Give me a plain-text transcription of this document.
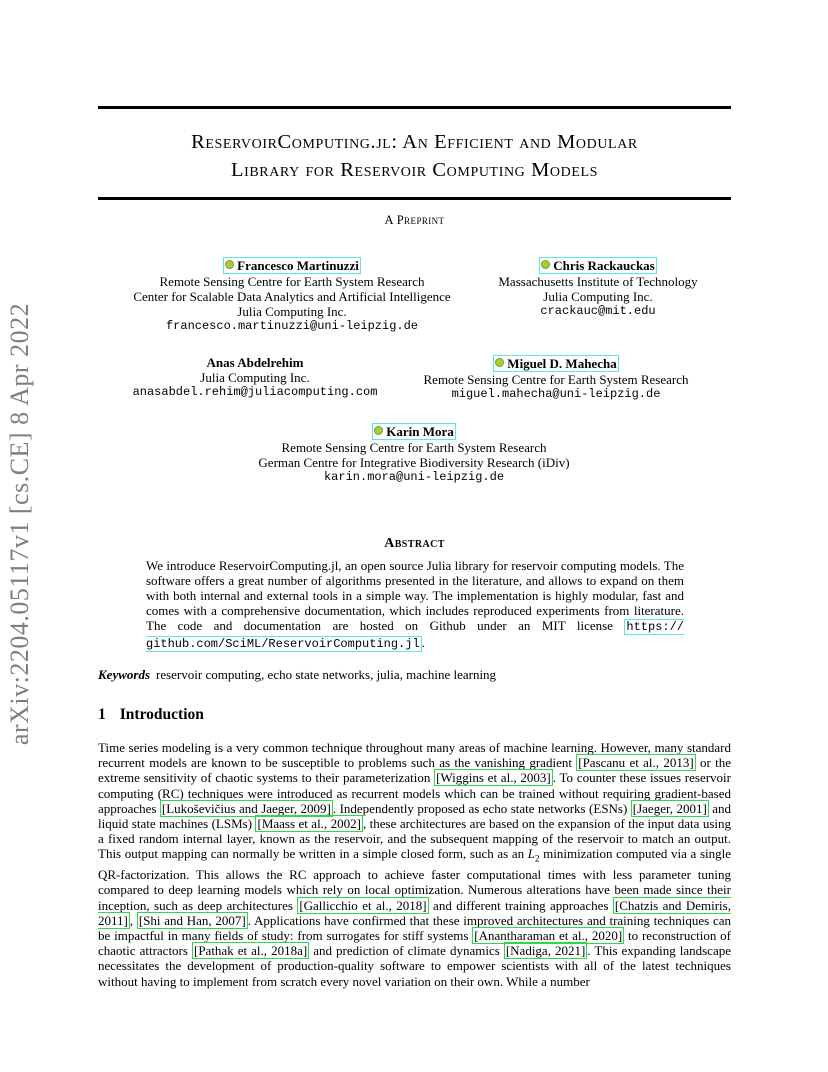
arXiv:2204.05117v1 [cs.CE] 8 Apr 2022
ReservoirComputing.jl: An Efficient and Modular
Library for Reservoir Computing Models
A Preprint
Francesco Martinuzzi
Remote Sensing Centre for Earth System Research
Center for Scalable Data Analytics and Artificial Intelligence
Julia Computing Inc.
francesco.martinuzzi@uni-leipzig.de
Chris Rackauckas
Massachusetts Institute of Technology
Julia Computing Inc.
crackauc@mit.edu
Anas Abdelrehim
Julia Computing Inc.
anasabdel.rehim@juliacomputing.com
Miguel D. Mahecha
Remote Sensing Centre for Earth System Research
miguel.mahecha@uni-leipzig.de
Karin Mora
Remote Sensing Centre for Earth System Research
German Centre for Integrative Biodiversity Research (iDiv)
karin.mora@uni-leipzig.de
Abstract
We introduce ReservoirComputing.jl, an open source Julia library for reservoir computing models. The software offers a great number of algorithms presented in the literature, and allows to expand on them with both internal and external tools in a simple way. The implementation is highly modular, fast and comes with a comprehensive documentation, which includes reproduced experiments from literature. The code and documentation are hosted on Github under an MIT license https:// github.com/SciML/ReservoirComputing.jl .
Keywords reservoir computing, echo state networks, julia, machine learning
1 Introduction

Time series modeling is a very common technique throughout many areas of machine learning. However, many standard recurrent models are known to be susceptible to problems such as the vanishing gradient [Pascanu et al., 2013] or the extreme sensitivity of chaotic systems to their parameterization [Wiggins et al., 2003] . To counter these issues reservoir computing (RC) techniques were introduced as recurrent models which can be trained without requiring gradient-based approaches [Lukoševičius and Jaeger, 2009] . Independently proposed as echo state networks (ESNs) [Jaeger, 2001] and liquid state machines (LSMs) [Maass et al., 2002] , these architectures are based on the expansion of the input data using a fixed random internal layer, known as the reservoir, and the subsequent mapping of the reservoir to match an output. This output mapping can normally be written in a simple closed form, such as an $L_2$ minimization computed via a single QR-factorization. This allows the RC approach to achieve faster computational times with less parameter tuning compared to deep learning models which rely on local optimization. Numerous alterations have been made since their inception, such as deep architectures [Gallicchio et al., 2018] and different training approaches [Chatzis and Demiris, 2011] , [Shi and Han, 2007] . Applications have confirmed that these improved architectures and training techniques can be impactful in many fields of study: from surrogates for stiff systems [Anantharaman et al., 2020] to reconstruction of chaotic attractors [Pathak et al., 2018a] and prediction of climate dynamics [Nadiga, 2021] . This expanding landscape necessitates the development of production-quality software to empower scientists with all of the latest techniques without having to implement from scratch every novel variation on their own. While a number
